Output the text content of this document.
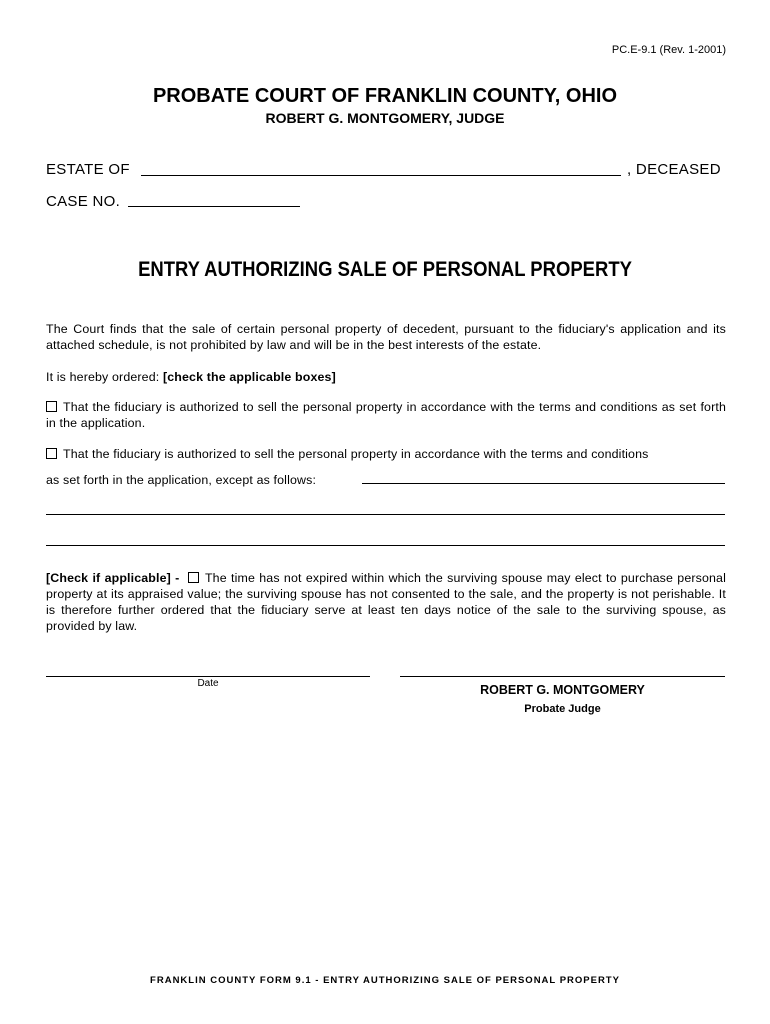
PC.E-9.1 (Rev. 1-2001)
PROBATE COURT OF FRANKLIN COUNTY, OHIO
ROBERT G. MONTGOMERY, JUDGE
ESTATE OF	, DECEASED
CASE NO.
ENTRY AUTHORIZING SALE OF PERSONAL PROPERTY
The Court finds that the sale of certain personal property of decedent, pursuant to the fiduciary's application and its attached schedule, is not prohibited by law and will be in the best interests of the estate.
It is hereby ordered: [check the applicable boxes]
That the fiduciary is authorized to sell the personal property in accordance with the terms and conditions as set forth in the application.
That the fiduciary is authorized to sell the personal property in accordance with the terms and conditions
as set forth in the application, except as follows:
[Check if applicable] - The time has not expired within which the surviving spouse may elect to purchase personal property at its appraised value; the surviving spouse has not consented to the sale, and the property is not perishable. It is therefore further ordered that the fiduciary serve at least ten days notice of the sale to the surviving spouse, as provided by law.
Date	ROBERT G. MONTGOMERY
Probate Judge
FRANKLIN COUNTY FORM 9.1 - ENTRY AUTHORIZING SALE OF PERSONAL PROPERTY
